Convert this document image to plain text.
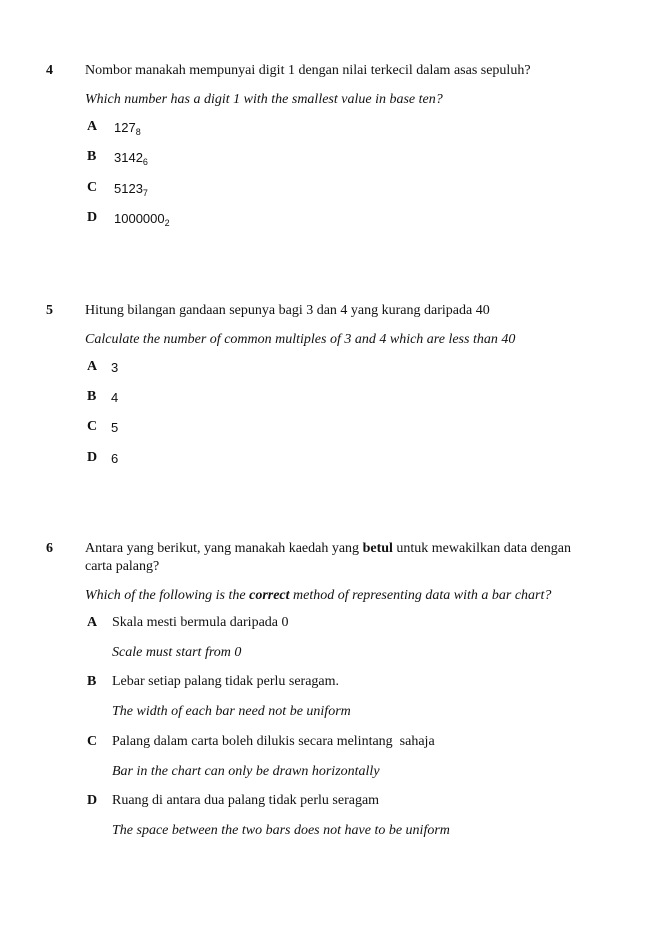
4 Nombor manakah mempunyai digit 1 dengan nilai terkecil dalam asas sepuluh?
Which number has a digit 1 with the smallest value in base ten?
A $127_8$
B $3142_6$
C $5123_7$
D $1000000_2$
5 Hitung bilangan gandaan sepunya bagi 3 dan 4 yang kurang daripada 40
Calculate the number of common multiples of 3 and 4 which are less than 40
A 3
B 4
C 5
D 6
6 Antara yang berikut, yang manakah kaedah yang betul untuk mewakilkan data dengan
carta palang?
Which of the following is the correct method of representing data with a bar chart?
A Skala mesti bermula daripada 0
Scale must start from 0
B Lebar setiap palang tidak perlu seragam.
The width of each bar need not be uniform
C Palang dalam carta boleh dilukis secara melintang  sahaja
Bar in the chart can only be drawn horizontally
D Ruang di antara dua palang tidak perlu seragam
The space between the two bars does not have to be uniform
